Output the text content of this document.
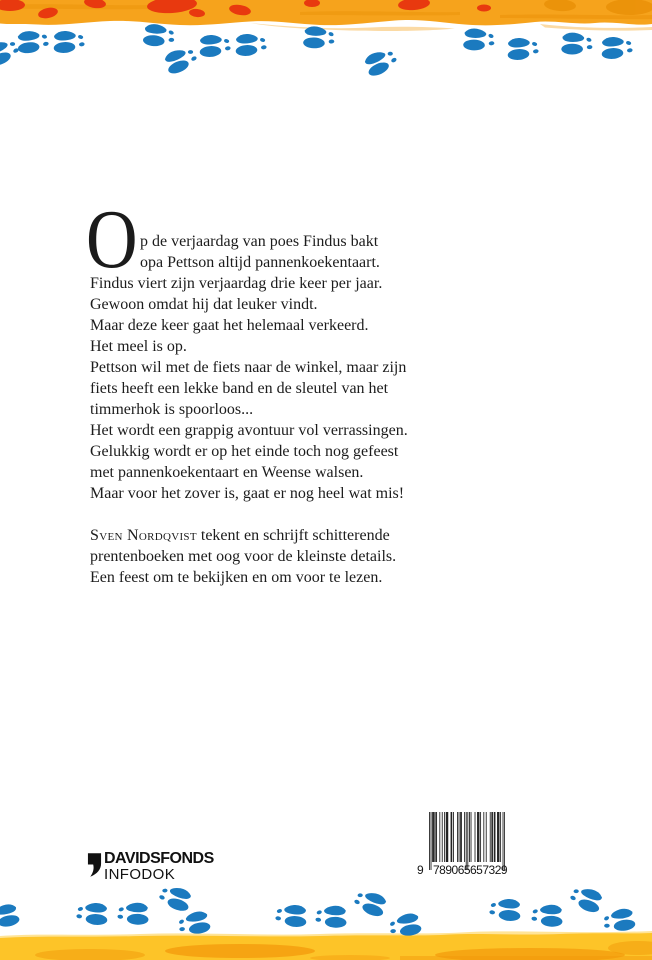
O p de verjaardag van poes Findus bakt
opa Pettson altijd pannenkoekentaart.
Findus viert zijn verjaardag drie keer per jaar.
Gewoon omdat hij dat leuker vindt.
Maar deze keer gaat het helemaal verkeerd.
Het meel is op.
Pettson wil met de fiets naar de winkel, maar zijn
fiets heeft een lekke band en de sleutel van het
timmerhok is spoorloos...
Het wordt een grappig avontuur vol verrassingen.
Gelukkig wordt er op het einde toch nog gefeest
met pannenkoekentaart en Weense walsen.
Maar voor het zover is, gaat er nog heel wat mis!
Sven Nordqvist tekent en schrijft schitterende
prentenboeken met oog voor de kleinste details.
Een feest om te bekijken en om voor te lezen.
DAVIDSFONDS
INFODOK	9 789065 657329
